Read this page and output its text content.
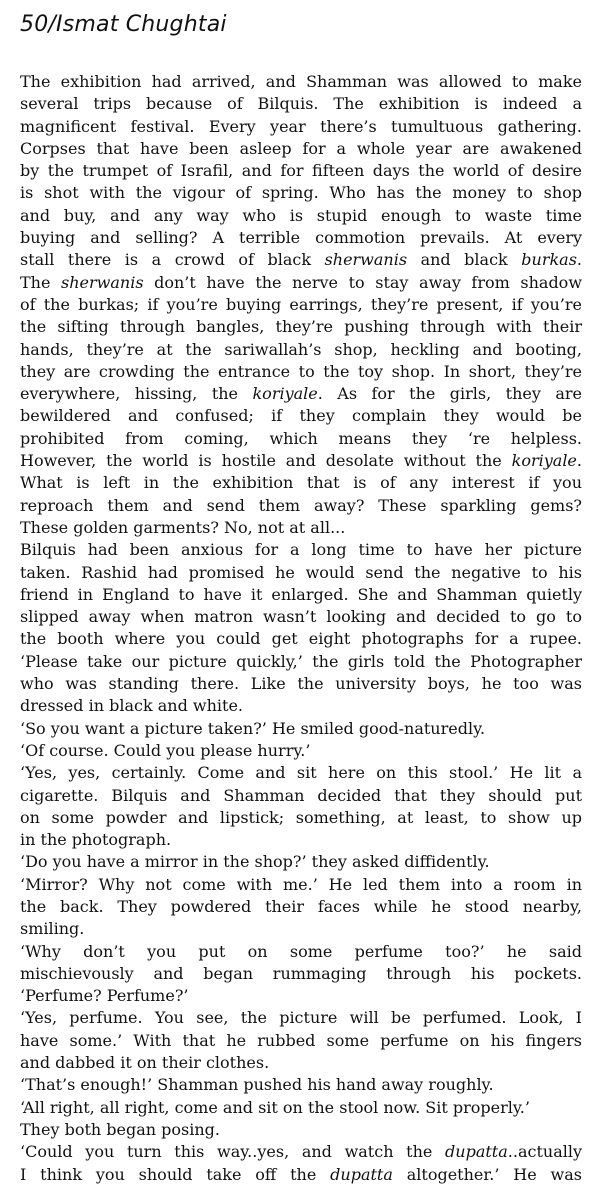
50/Ismat Chughtai
The exhibition had arrived, and Shamman was allowed to make
several trips because of Bilquis. The exhibition is indeed a
magnificent festival. Every year there’s tumultuous gathering.
Corpses that have been asleep for a whole year are awakened
by the trumpet of Israfil, and for fifteen days the world of desire
is shot with the vigour of spring. Who has the money to shop
and buy, and any way who is stupid enough to waste time
buying and selling? A terrible commotion prevails. At every
stall there is a crowd of black sherwanis and black burkas.
The sherwanis don’t have the nerve to stay away from shadow
of the burkas; if you’re buying earrings, they’re present, if you’re
the sifting through bangles, they’re pushing through with their
hands, they’re at the sariwallah’s shop, heckling and booting,
they are crowding the entrance to the toy shop. In short, they’re
everywhere, hissing, the koriyale. As for the girls, they are
bewildered and confused; if they complain they would be
prohibited from coming, which means they ‘re helpless.
However, the world is hostile and desolate without the koriyale.
What is left in the exhibition that is of any interest if you
reproach them and send them away? These sparkling gems?
These golden garments? No, not at all...
Bilquis had been anxious for a long time to have her picture
taken. Rashid had promised he would send the negative to his
friend in England to have it enlarged. She and Shamman quietly
slipped away when matron wasn’t looking and decided to go to
the booth where you could get eight photographs for a rupee.
‘Please take our picture quickly,’ the girls told the Photographer
who was standing there. Like the university boys, he too was
dressed in black and white.
‘So you want a picture taken?’ He smiled good-naturedly.
‘Of course. Could you please hurry.’
‘Yes, yes, certainly. Come and sit here on this stool.’ He lit a
cigarette. Bilquis and Shamman decided that they should put
on some powder and lipstick; something, at least, to show up
in the photograph.
‘Do you have a mirror in the shop?’ they asked diffidently.
‘Mirror? Why not come with me.’ He led them into a room in
the back. They powdered their faces while he stood nearby,
smiling.
‘Why don’t you put on some perfume too?’ he said
mischievously and began rummaging through his pockets.
‘Perfume? Perfume?’
‘Yes, perfume. You see, the picture will be perfumed. Look, I
have some.’ With that he rubbed some perfume on his fingers
and dabbed it on their clothes.
‘That’s enough!’ Shamman pushed his hand away roughly.
‘All right, all right, come and sit on the stool now. Sit properly.’
They both began posing.
‘Could you turn this way..yes, and watch the dupatta..actually
I think you should take off the dupatta altogether.’ He was
